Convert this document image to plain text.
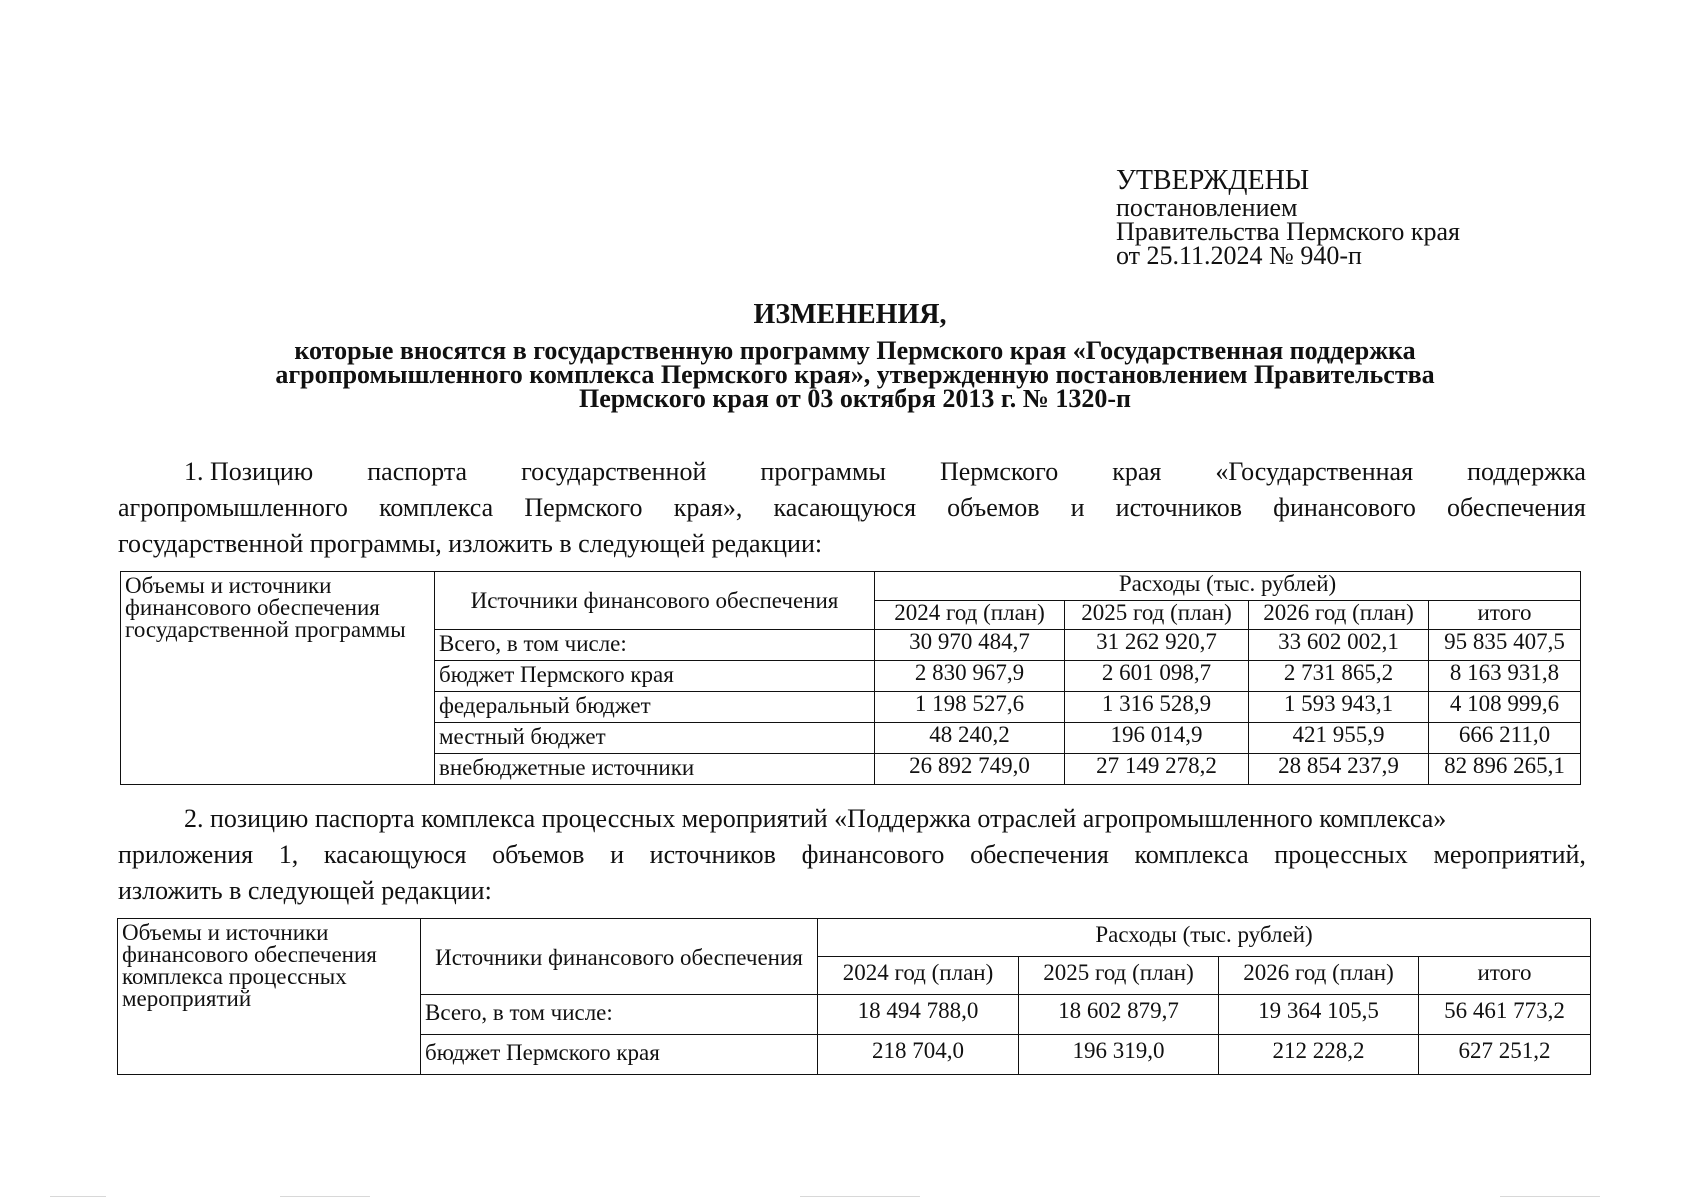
УТВЕРЖДЕНЫ
постановлением
Правительства Пермского края
от 25.11.2024 № 940-п
ИЗМЕНЕНИЯ,
которые вносятся в государственную программу Пермского края «Государственная поддержка
агропромышленного комплекса Пермского края», утвержденную постановлением Правительства
Пермского края от 03 октября 2013 г. № 1320-п
1. Позицию паспорта государственной программы Пермского края «Государственная поддержка
агропромышленного комплекса Пермского края», касающуюся объемов и источников финансового обеспечения
государственной программы, изложить в следующей редакции:
Объемы и источники финансового обеспечения государственной программы	Источники финансового обеспечения	Расходы (тыс. рублей)			
		2024 год (план)	2025 год (план)	2026 год (план)	итого
	Всего, в том числе:	30 970 484,7	31 262 920,7	33 602 002,1	95 835 407,5
	бюджет Пермского края	2 830 967,9	2 601 098,7	2 731 865,2	8 163 931,8
	федеральный бюджет	1 198 527,6	1 316 528,9	1 593 943,1	4 108 999,6
	местный бюджет	48 240,2	196 014,9	421 955,9	666 211,0
	внебюджетные источники	26 892 749,0	27 149 278,2	28 854 237,9	82 896 265,1
2. позицию паспорта комплекса процессных мероприятий «Поддержка отраслей агропромышленного комплекса»
приложения 1, касающуюся объемов и источников финансового обеспечения комплекса процессных мероприятий,
изложить в следующей редакции:
Объемы и источники финансового обеспечения комплекса процессных мероприятий	Источники финансового обеспечения	Расходы (тыс. рублей)			
		2024 год (план)	2025 год (план)	2026 год (план)	итого
	Всего, в том числе:	18 494 788,0	18 602 879,7	19 364 105,5	56 461 773,2
	бюджет Пермского края	218 704,0	196 319,0	212 228,2	627 251,2
